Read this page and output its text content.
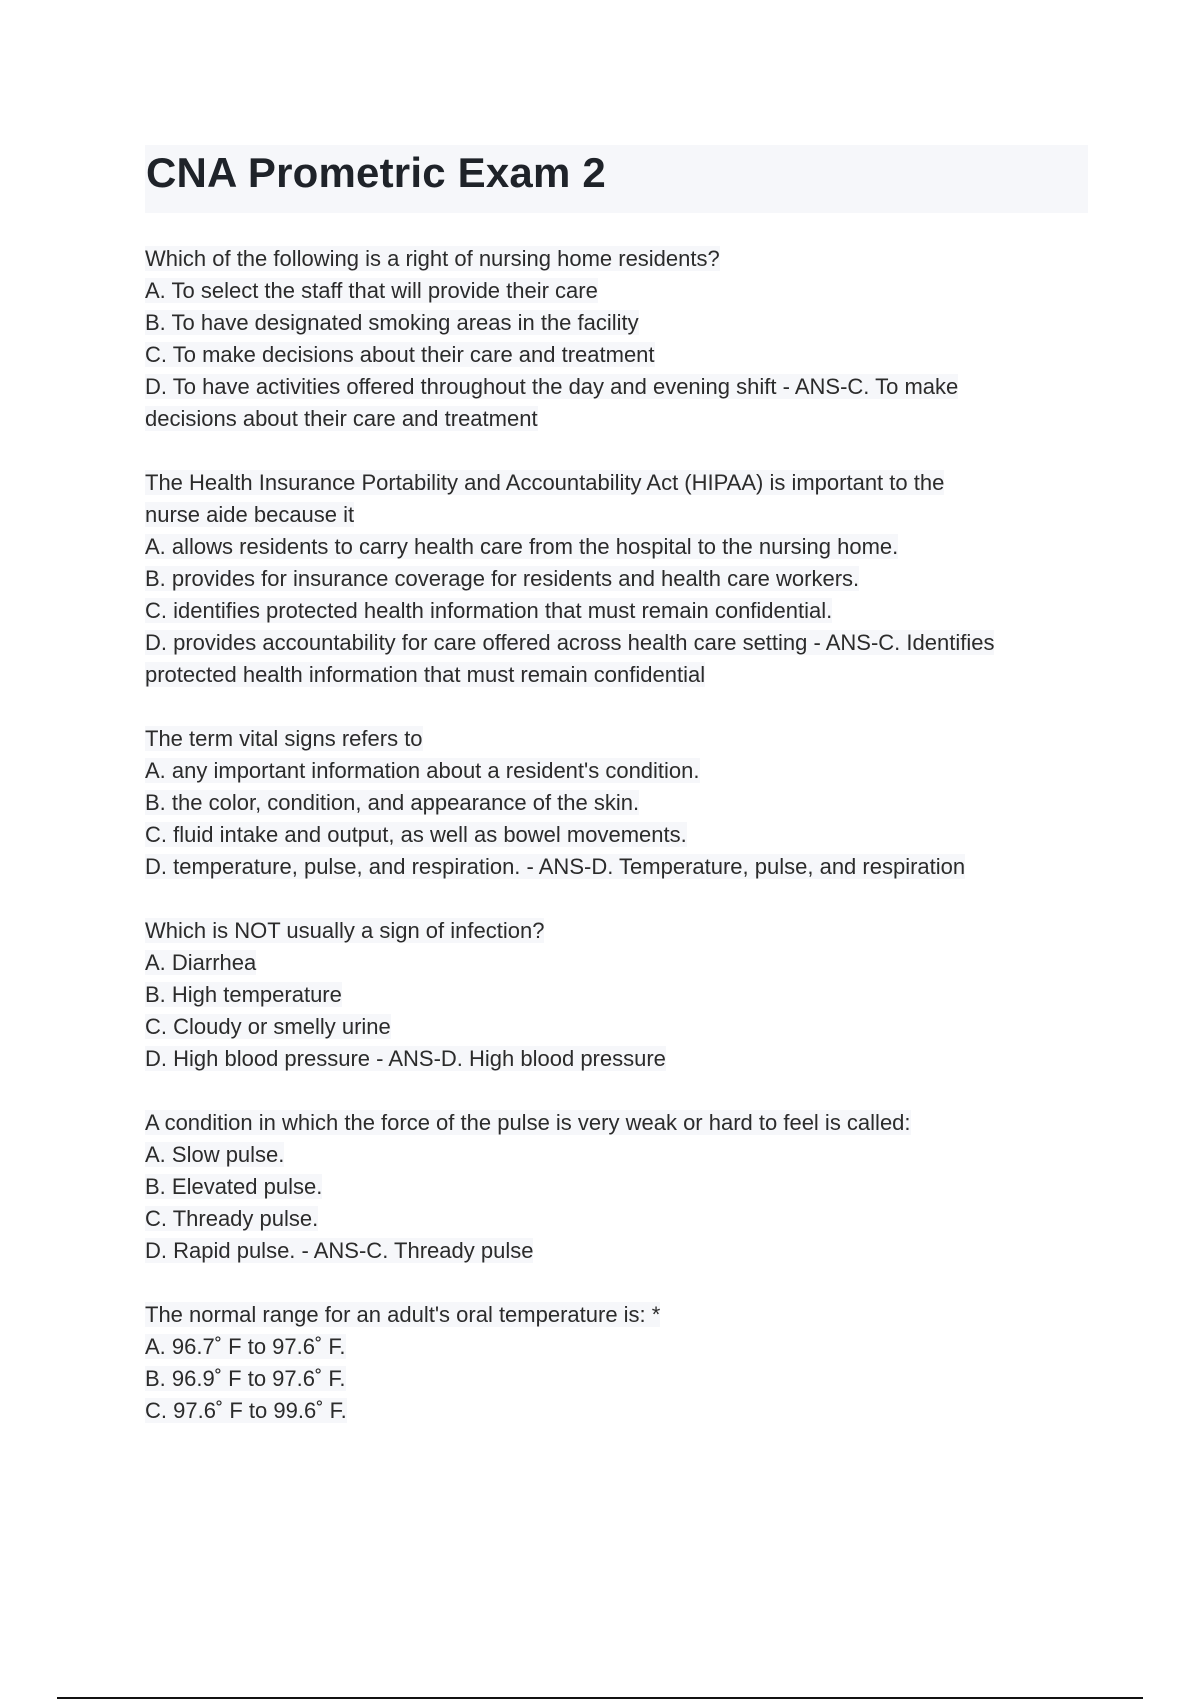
CNA Prometric Exam 2
Which of the following is a right of nursing home residents?
A. To select the staff that will provide their care
B. To have designated smoking areas in the facility
C. To make decisions about their care and treatment
D. To have activities offered throughout the day and evening shift - ANS-C. To make
decisions about their care and treatment
The Health Insurance Portability and Accountability Act (HIPAA) is important to the
nurse aide because it
A. allows residents to carry health care from the hospital to the nursing home.
B. provides for insurance coverage for residents and health care workers.
C. identifies protected health information that must remain confidential.
D. provides accountability for care offered across health care setting - ANS-C. Identifies
protected health information that must remain confidential
The term vital signs refers to
A. any important information about a resident's condition.
B. the color, condition, and appearance of the skin.
C. fluid intake and output, as well as bowel movements.
D. temperature, pulse, and respiration. - ANS-D. Temperature, pulse, and respiration
Which is NOT usually a sign of infection?
A. Diarrhea
B. High temperature
C. Cloudy or smelly urine
D. High blood pressure - ANS-D. High blood pressure
A condition in which the force of the pulse is very weak or hard to feel is called:
A. Slow pulse.
B. Elevated pulse.
C. Thready pulse.
D. Rapid pulse. - ANS-C. Thready pulse
The normal range for an adult's oral temperature is: *
A. 96.7˚ F to 97.6˚ F.
B. 96.9˚ F to 97.6˚ F.
C. 97.6˚ F to 99.6˚ F.
